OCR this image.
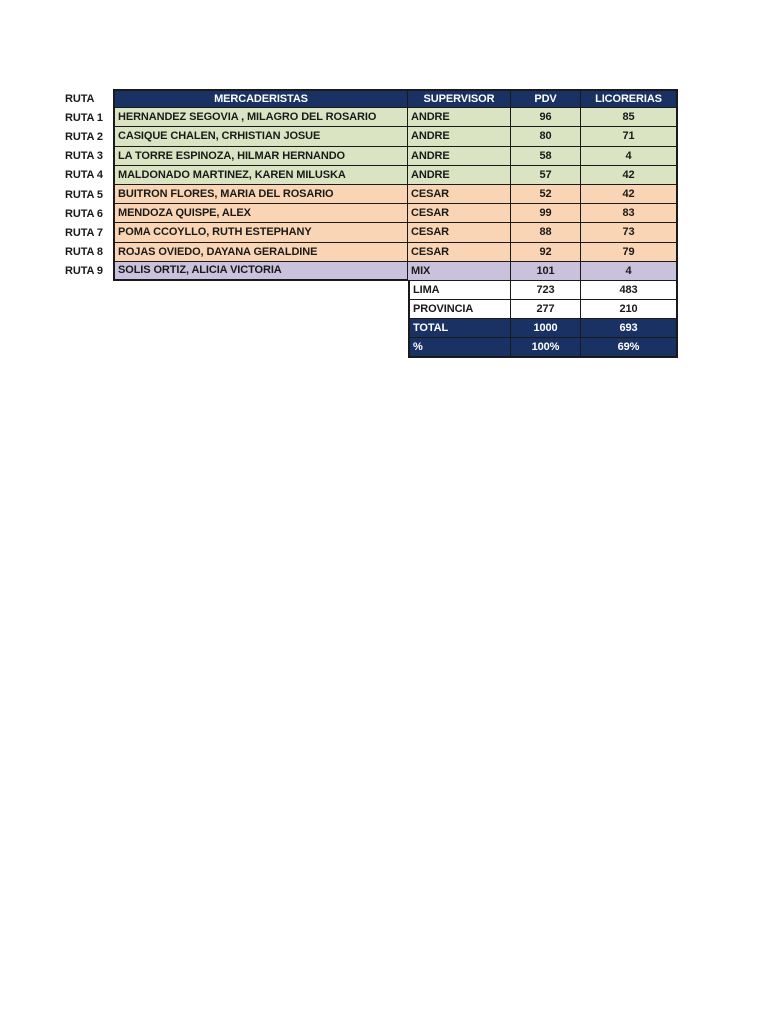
RUTA	MERCADERISTAS	SUPERVISOR	PDV	LICORERIAS
RUTA 1	HERNANDEZ SEGOVIA , MILAGRO DEL ROSARIO	ANDRE	96	85
RUTA 2	CASIQUE CHALEN, CRHISTIAN JOSUE	ANDRE	80	71
RUTA 3	LA TORRE ESPINOZA, HILMAR HERNANDO	ANDRE	58	4
RUTA 4	MALDONADO MARTINEZ, KAREN MILUSKA	ANDRE	57	42
RUTA 5	BUITRON FLORES, MARIA DEL ROSARIO	CESAR	52	42
RUTA 6	MENDOZA QUISPE, ALEX	CESAR	99	83
RUTA 7	POMA CCOYLLO, RUTH ESTEPHANY	CESAR	88	73
RUTA 8	ROJAS OVIEDO, DAYANA GERALDINE	CESAR	92	79
RUTA 9	SOLIS ORTIZ, ALICIA VICTORIA	MIX	101	4
LIMA	723	483
PROVINCIA	277	210
TOTAL	1000	693
%	100%	69%
